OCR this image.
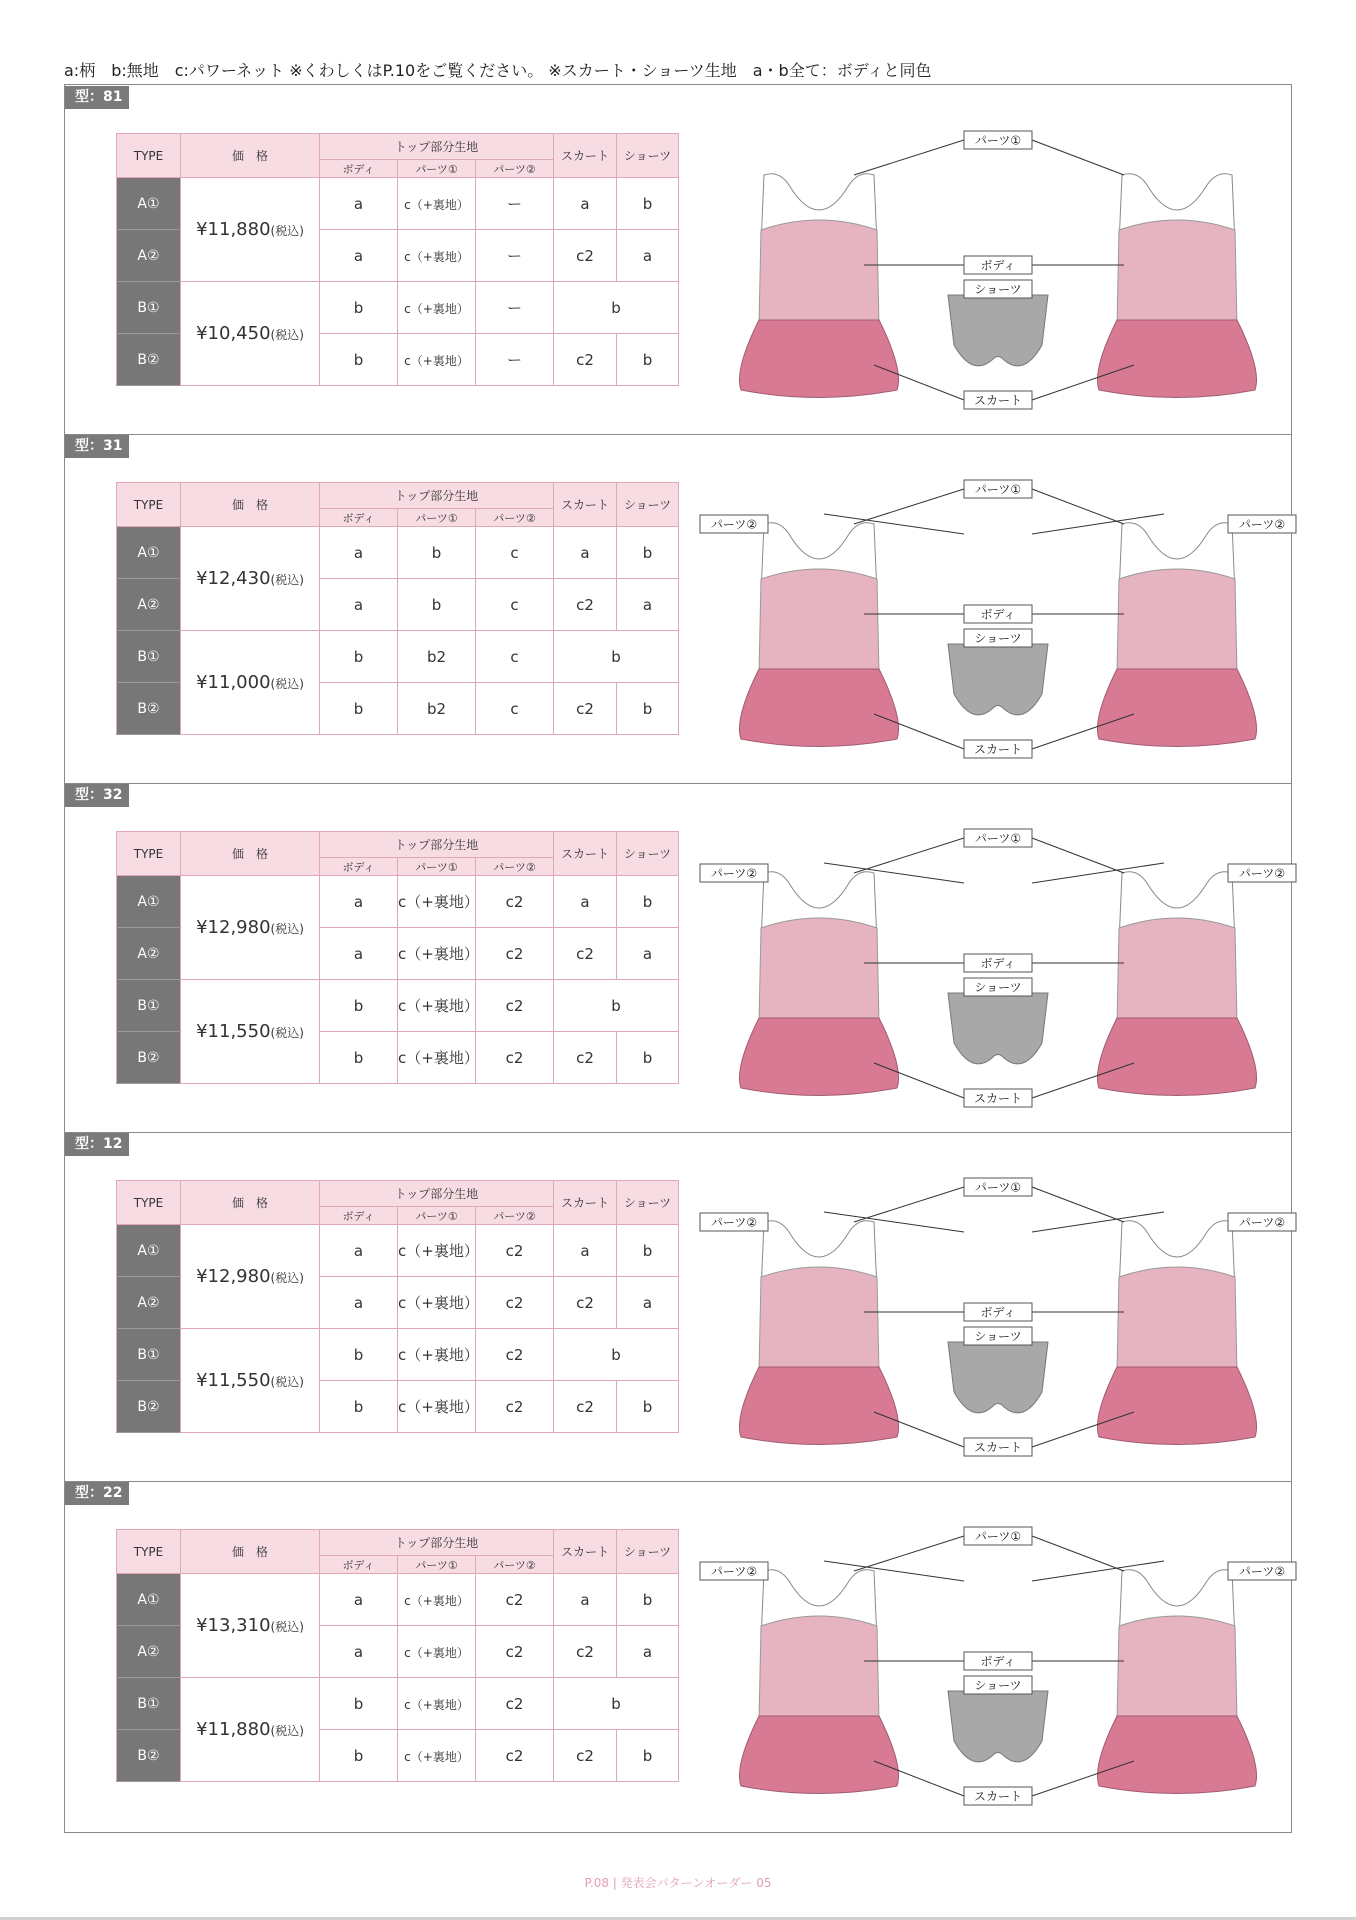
a:柄　b:無地　c:パワーネット ※くわしくはP.10をご覧ください。 ※スカート・ショーツ生地　a・b全て：ボディと同色
型：81
TYPE	価　格	トップ部分生地			スカート	ショーツ
		ボディ	パーツ①	パーツ②		
A①	¥11,880(税込)	a	c（+裏地）	ー	a	b
A②		a	c（+裏地）	ー	c2	a
B①	¥10,450(税込)	b	c（+裏地）	ー	b	
B②		b	c（+裏地）	ー	c2	b
パーツ①
ボディ
ショーツ
スカート
型：31
TYPE	価　格	トップ部分生地			スカート	ショーツ
		ボディ	パーツ①	パーツ②		
A①	¥12,430(税込)	a	b	c	a	b
A②		a	b	c	c2	a
B①	¥11,000(税込)	b	b2	c	b	
B②		b	b2	c	c2	b
パーツ②	パーツ②
パーツ①
ボディ
ショーツ
スカート
型：32
TYPE	価　格	トップ部分生地			スカート	ショーツ
		ボディ	パーツ①	パーツ②		
A①	¥12,980(税込)	a	c（+裏地）	c2	a	b
A②		a	c（+裏地）	c2	c2	a
B①	¥11,550(税込)	b	c（+裏地）	c2	b	
B②		b	c（+裏地）	c2	c2	b
パーツ②	パーツ②
パーツ①
ボディ
ショーツ
スカート
型：12
TYPE	価　格	トップ部分生地			スカート	ショーツ
		ボディ	パーツ①	パーツ②		
A①	¥12,980(税込)	a	c（+裏地）	c2	a	b
A②		a	c（+裏地）	c2	c2	a
B①	¥11,550(税込)	b	c（+裏地）	c2	b	
B②		b	c（+裏地）	c2	c2	b
パーツ②	パーツ②
パーツ①
ボディ
ショーツ
スカート
型：22
TYPE	価　格	トップ部分生地			スカート	ショーツ
		ボディ	パーツ①	パーツ②		
A①	¥13,310(税込)	a	c（+裏地）	c2	a	b
A②		a	c（+裏地）	c2	c2	a
B①	¥11,880(税込)	b	c（+裏地）	c2	b	
B②		b	c（+裏地）	c2	c2	b
パーツ②	パーツ②
パーツ①
ボディ
ショーツ
スカート
P.08 | 発表会パターンオーダー 05
